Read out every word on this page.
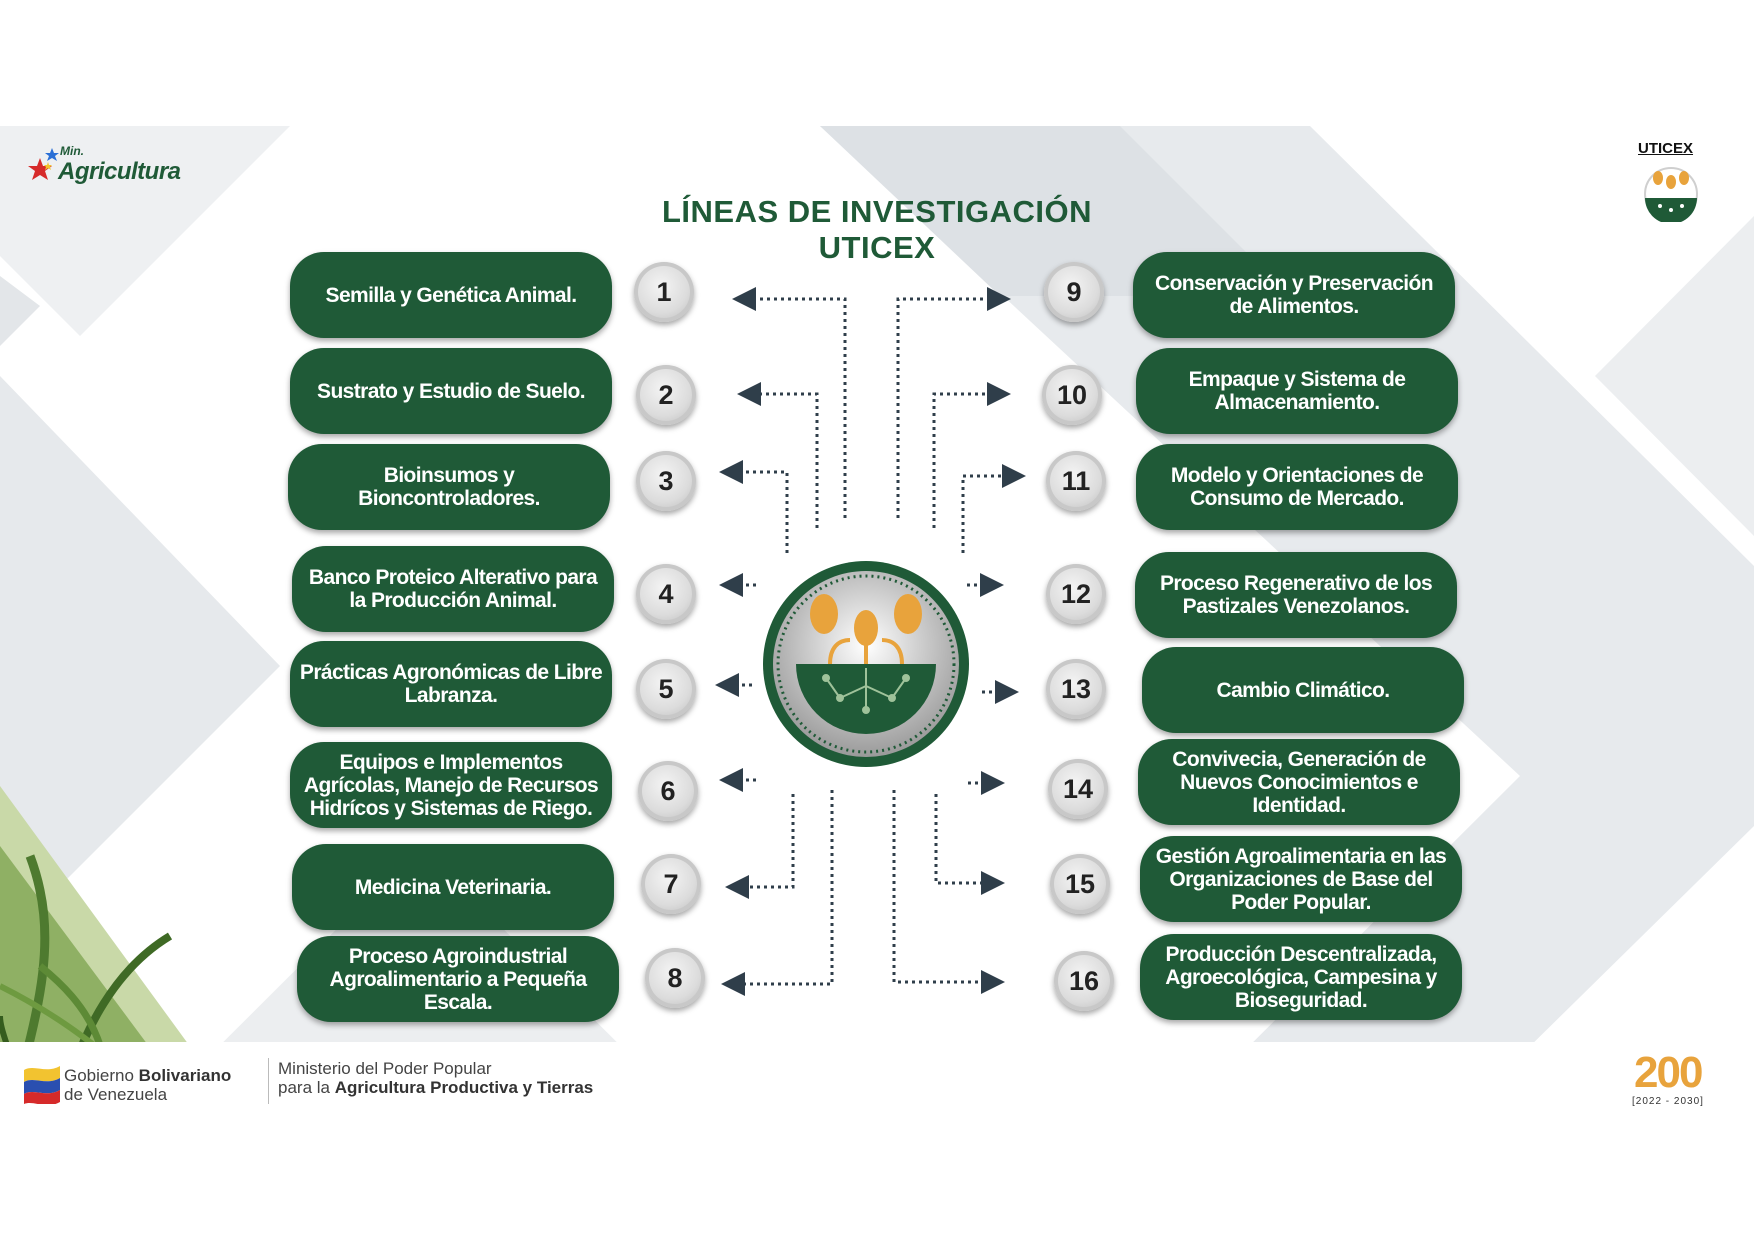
Min.
Agricultura
UTICEX
LÍNEAS DE INVESTIGACIÓN
UTICEX
Semilla y Genética Animal.
Sustrato y Estudio de Suelo.
Bioinsumos y Bioncontroladores.
Banco Proteico Alterativo para la Producción Animal.
Prácticas Agronómicas de Libre Labranza.
Equipos e Implementos Agrícolas, Manejo de Recursos Hidrícos y Sistemas de Riego.
Medicina Veterinaria.
Proceso Agroindustrial Agroalimentario a Pequeña Escala.
1
2
3
4
5
6
7
8
9
10
11
12
13
14
15
16
Conservación y Preservación de Alimentos.
Empaque y Sistema de Almacenamiento.
Modelo y Orientaciones de Consumo de Mercado.
Proceso Regenerativo de los Pastizales Venezolanos.
Cambio Climático.
Convivecia, Generación de Nuevos Conocimientos e Identidad.
Gestión Agroalimentaria en las Organizaciones de Base del Poder Popular.
Producción Descentralizada, Agroecológica, Campesina y Bioseguridad.
Gobierno Bolivariano
de Venezuela
Ministerio del Poder Popular
para la Agricultura Productiva y Tierras	200
[2022 - 2030]
